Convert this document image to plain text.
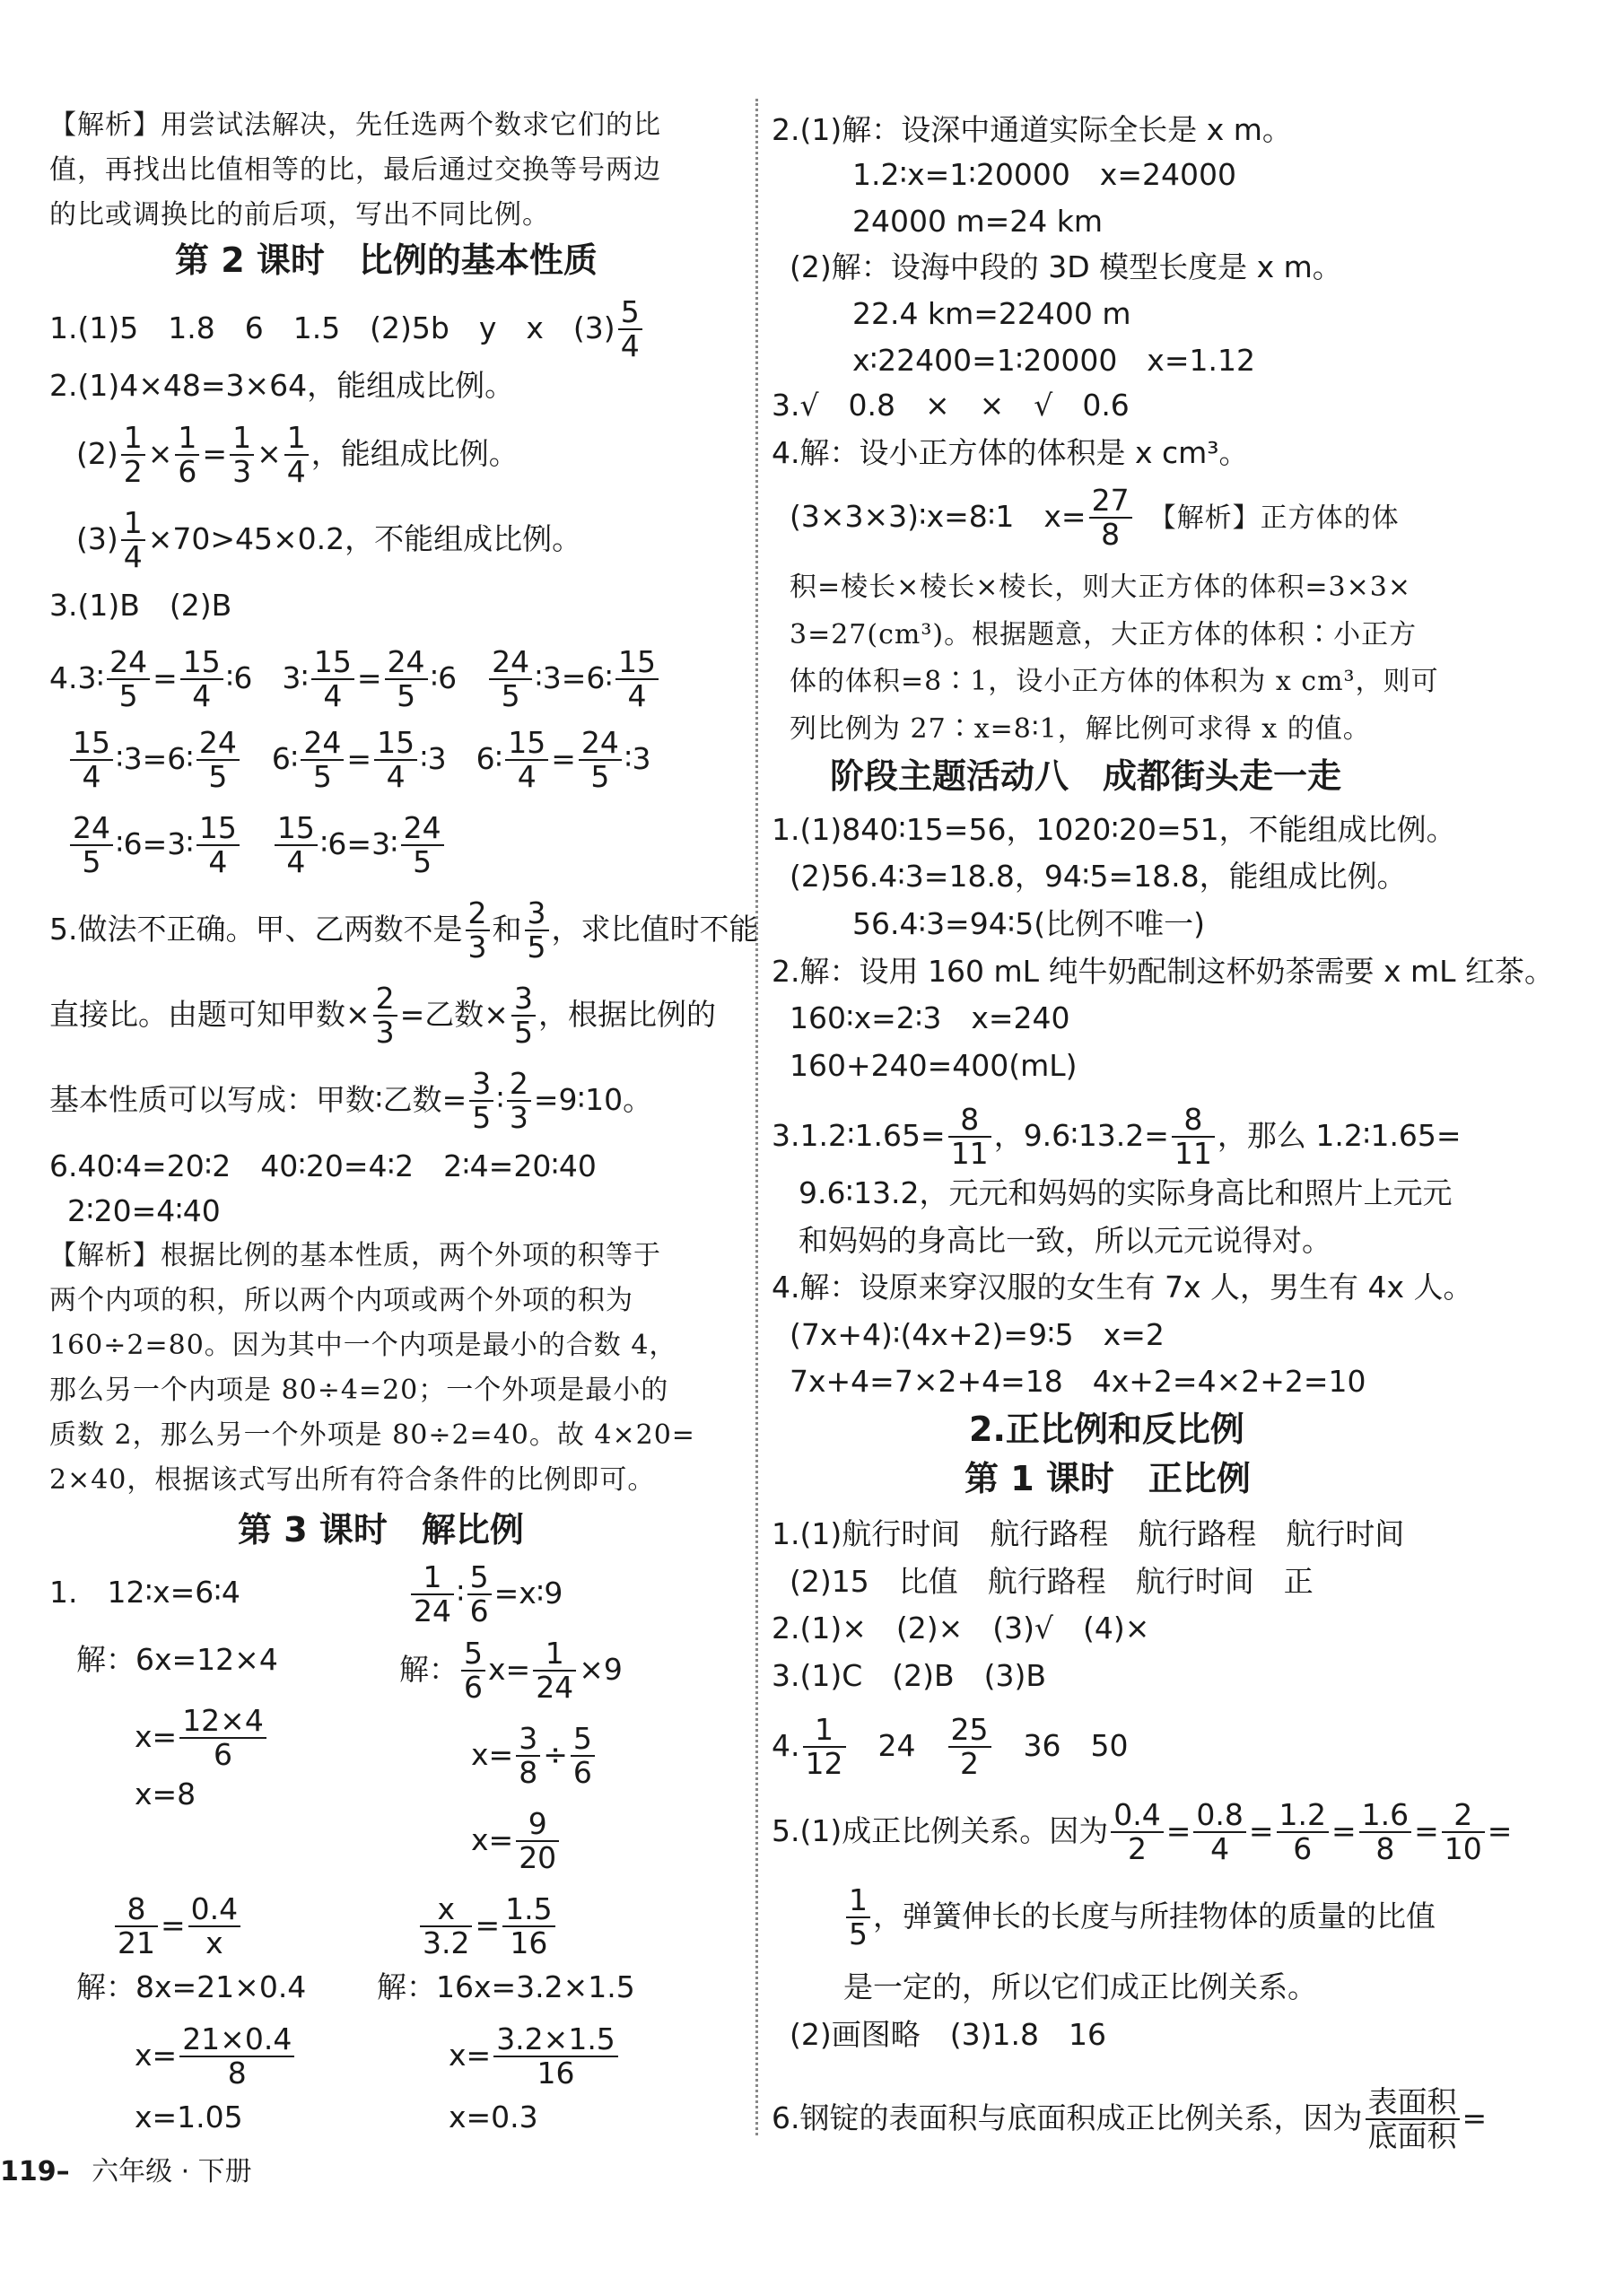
【解析】用尝试法解决，先任选两个数求它们的比
值，再找出比值相等的比，最后通过交换等号两边
的比或调换比的前后项，写出不同比例。
第 2 课时　比例的基本性质
1.(1)5　1.8　6　1.5　(2)5b　y　x　$(3) \frac{5}{4}$
2.(1)4×48=3×64，能组成比例。
$(2) \frac{1}{2} \times \frac{1}{6} = \frac{1}{3} \times \frac{1}{4}$ ，能组成比例。
$(3) \frac{1}{4} \times 70>45\times 0.2$，不能组成比例。
3.(1)B　(2)B
4.3∶ $\frac{24}{5} = \frac{15}{4}$ ∶6　3∶ $\frac{15}{4} = \frac{24}{5}$ ∶6　 $\frac{24}{5}$ ∶3=6∶ $\frac{15}{4}$
$\frac{15}{4}$ ∶3=6∶ $\frac{24}{5}$ 　6∶ $\frac{24}{5} = \frac{15}{4}$ ∶3　6∶ $\frac{15}{4} = \frac{24}{5}$ ∶3
$\frac{24}{5}$ ∶6=3∶ $\frac{15}{4}$
　 $\frac{15}{4}$ ∶6=3∶ $\frac{24}{5}$
5.做法不正确。甲、乙两数不是 $\frac{2}{3}$ 和 $\frac{3}{5}$ ，求比值时不能
直接比。由题可知甲数× $\frac{2}{3}$ =乙数× $\frac{3}{5}$ ，根据比例的
基本性质可以写成：甲数∶乙数= $\frac{3}{5}$ ∶ $\frac{2}{3}$ =9∶10。
6.40∶4=20∶2　40∶20=4∶2　2∶4=20∶40
2∶20=4∶40
【解析】根据比例的基本性质，两个外项的积等于
两个内项的积，所以两个内项或两个外项的积为
160÷2=80。因为其中一个内项是最小的合数 4，
那么另一个内项是 80÷4=20；一个外项是最小的
质数 2，那么另一个外项是 80÷2=40。故 4×20=
2×40，根据该式写出所有符合条件的比例即可。
第 3 课时　解比例
1.　12∶x=6∶4
解：6x=12×4
$x= \frac{12\times 4}{6}$
x=8
$\frac{1}{24}$ ∶ $\frac{5}{6}$ =x∶9
解： $\frac{5}{6} x= \frac{1}{24} \times 9$
$x= \frac{3}{8} \div \frac{5}{6}$
$x= \frac{9}{20}$
$\frac{8}{21} = \frac{0.4}{x}$
解：8x=21×0.4
$x= \frac{21\times 0.4}{8}$
x=1.05
$\frac{x}{3.2} = \frac{1.5}{16}$
解：16x=3.2×1.5
$x= \frac{3.2\times 1.5}{16}$
x=0.3
2.(1)解：设深中通道实际全长是 x m。
1.2∶x=1∶20000　x=24000
24000 m=24 km
(2)解：设海中段的 3D 模型长度是 x m。
22.4 km=22400 m
x∶22400=1∶20000　x=1.12
3.√　0.8　×　×　√　0.6
4.解：设小正方体的体积是 x cm³。
(3×3×3)∶x=8∶1　$x= \frac{27}{8}$ 　【解析】正方体的体
积=棱长×棱长×棱长，则大正方体的体积=3×3×
3=27(cm³)。根据题意，大正方体的体积∶小正方
体的体积=8∶1，设小正方体的体积为 x cm³，则可
列比例为 27∶x=8∶1，解比例可求得 x 的值。
阶段主题活动八　成都街头走一走
1.(1)840∶15=56，1020∶20=51，不能组成比例。
(2)56.4∶3=18.8，94∶5=18.8，能组成比例。
56.4∶3=94∶5(比例不唯一)
2.解：设用 160 mL 纯牛奶配制这杯奶茶需要 x mL 红茶。
160∶x=2∶3　x=240
160+240=400(mL)
3.1.2∶1.65= $\frac{8}{11}$ ，9.6∶13.2= $\frac{8}{11}$ ，那么 1.2∶1.65=
9.6∶13.2，元元和妈妈的实际身高比和照片上元元
和妈妈的身高比一致，所以元元说得对。
4.解：设原来穿汉服的女生有 7x 人，男生有 4x 人。
(7x+4)∶(4x+2)=9∶5　x=2
7x+4=7×2+4=18　4x+2=4×2+2=10
2.正比例和反比例
第 1 课时　正比例
1.(1)航行时间　航行路程　航行路程　航行时间
(2)15　比值　航行路程　航行时间　正
2.(1)×　(2)×　(3)√　(4)×
3.(1)C　(2)B　(3)B
4. $\frac{1}{12}$ 　24　 $\frac{25}{2}$ 　36　50
5.(1)成正比例关系。因为 $\frac{0.4}{2} = \frac{0.8}{4} = \frac{1.2}{6} = \frac{1.6}{8} = \frac{2}{10}$ =
$\frac{1}{5}$ ，弹簧伸长的长度与所挂物体的质量的比值
是一定的，所以它们成正比例关系。
(2)画图略　(3)1.8　16
6.钢锭的表面积与底面积成正比例关系，因为 $\frac{\text{表面积}}{\text{底面积}}$ =
119– 六年级 · 下册
